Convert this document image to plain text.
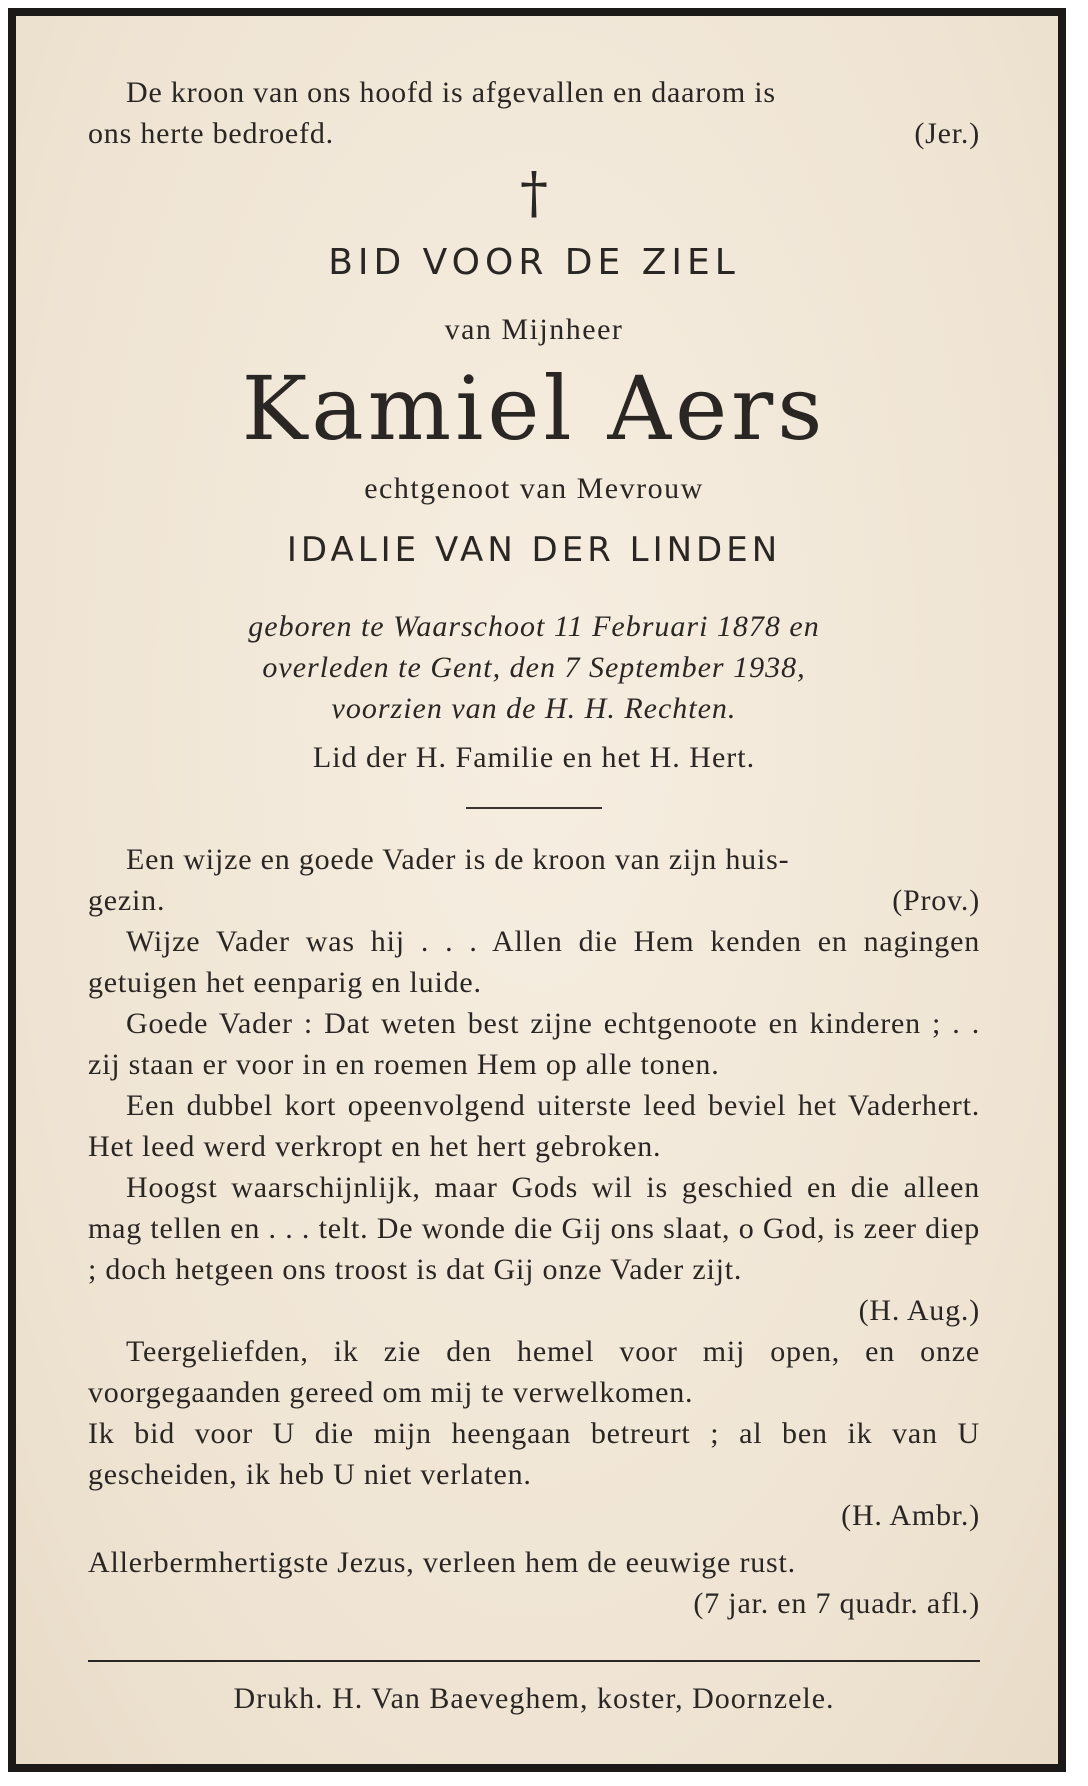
De kroon van ons hoofd is afgevallen en daarom is

ons herte bedroefd.	(Jer.)
†
BID VOOR DE ZIEL
van Mijnheer
Kamiel Aers
echtgenoot van Mevrouw
IDALIE VAN DER LINDEN
geboren te Waarschoot 11 Februari 1878 en
overleden te Gent, den 7 September 1938,
voorzien van de H. H. Rechten.
Lid der H. Familie en het H. Hert.

Een wijze en goede Vader is de kroon van zijn huis-

gezin.	(Prov.)

Wijze Vader was hij . . . Allen die Hem kenden en nagingen getuigen het eenparig en luide.

Goede Vader : Dat weten best zijne echtgenoote en kinderen ; . . zij staan er voor in en roemen Hem op alle tonen.

Een dubbel kort opeenvolgend uiterste leed beviel het Vaderhert. Het leed werd verkropt en het hert gebroken.

Hoogst waarschijnlijk, maar Gods wil is geschied en die alleen mag tellen en . . . telt. De wonde die Gij ons slaat, o God, is zeer diep ; doch hetgeen ons troost is dat Gij onze Vader zijt.
(H. Aug.)

Teergeliefden, ik zie den hemel voor mij open, en onze voorgegaanden gereed om mij te verwelkomen.

Ik bid voor U die mijn heengaan betreurt ; al ben ik van U gescheiden, ik heb U niet verlaten.
(H. Ambr.)

Allerbermhertigste Jezus, verleen hem de eeuwige rust.

(7 jar. en 7 quadr. afl.)
Drukh. H. Van Baeveghem, koster, Doornzele.
